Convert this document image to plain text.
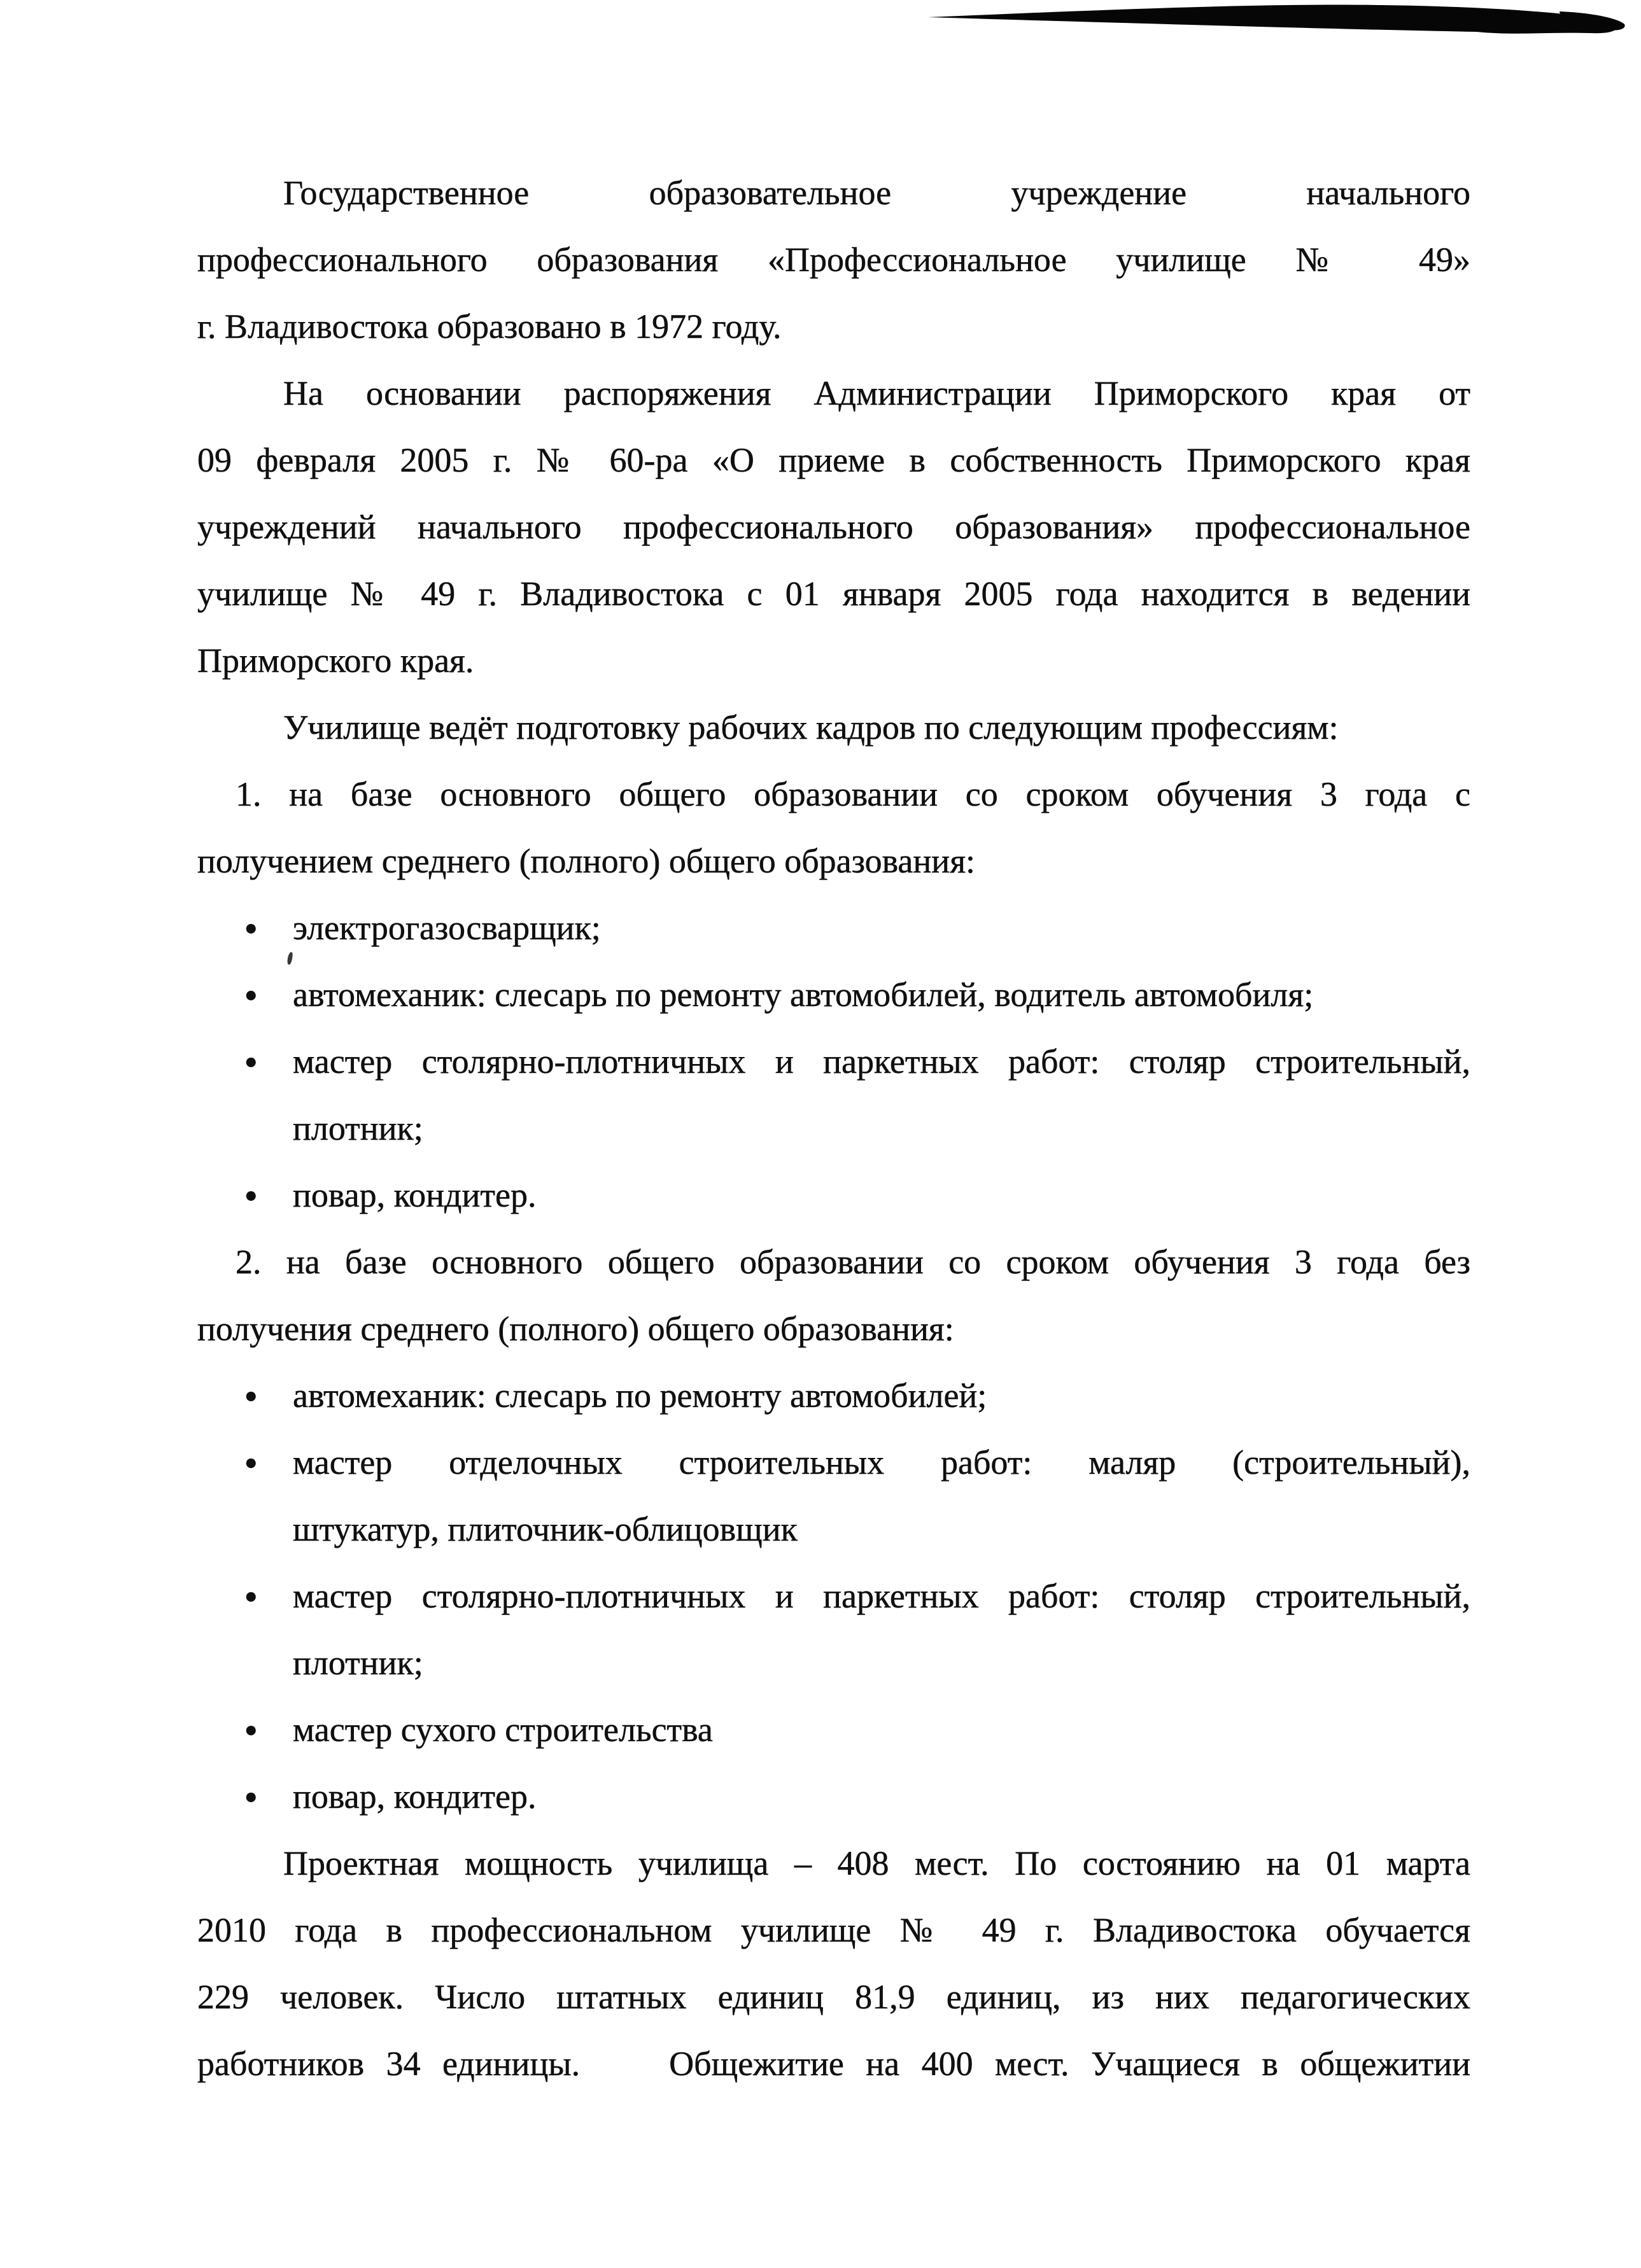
Государственное образовательное учреждение начального
профессионального образования «Профессиональное училище № 49»
г. Владивостока образовано в 1972 году.
На основании распоряжения Администрации Приморского края от
09 февраля 2005 г. № 60-ра «О приеме в собственность Приморского края
учреждений начального профессионального образования» профессиональное
училище № 49 г. Владивостока с 01 января 2005 года находится в ведении
Приморского края.
Училище ведёт подготовку рабочих кадров по следующим профессиям:
1. на базе основного общего образовании со сроком обучения 3 года с
получением среднего (полного) общего образования:
● электрогазосварщик;
● автомеханик: слесарь по ремонту автомобилей, водитель автомобиля;
● мастер столярно-плотничных и паркетных работ: столяр строительный,
плотник;
● повар, кондитер.
2. на базе основного общего образовании со сроком обучения 3 года без
получения среднего (полного) общего образования:
● автомеханик: слесарь по ремонту автомобилей;
● мастер отделочных строительных работ: маляр (строительный),
штукатур, плиточник-облицовщик
● мастер столярно-плотничных и паркетных работ: столяр строительный,
плотник;
● мастер сухого строительства
● повар, кондитер.
Проектная мощность училища – 408 мест. По состоянию на 01 марта
2010 года в профессиональном училище № 49 г. Владивостока обучается
229 человек. Число штатных единиц 81,9 единиц, из них педагогических
работников 34 единицы.	Общежитие на 400 мест. Учащиеся в общежитии
